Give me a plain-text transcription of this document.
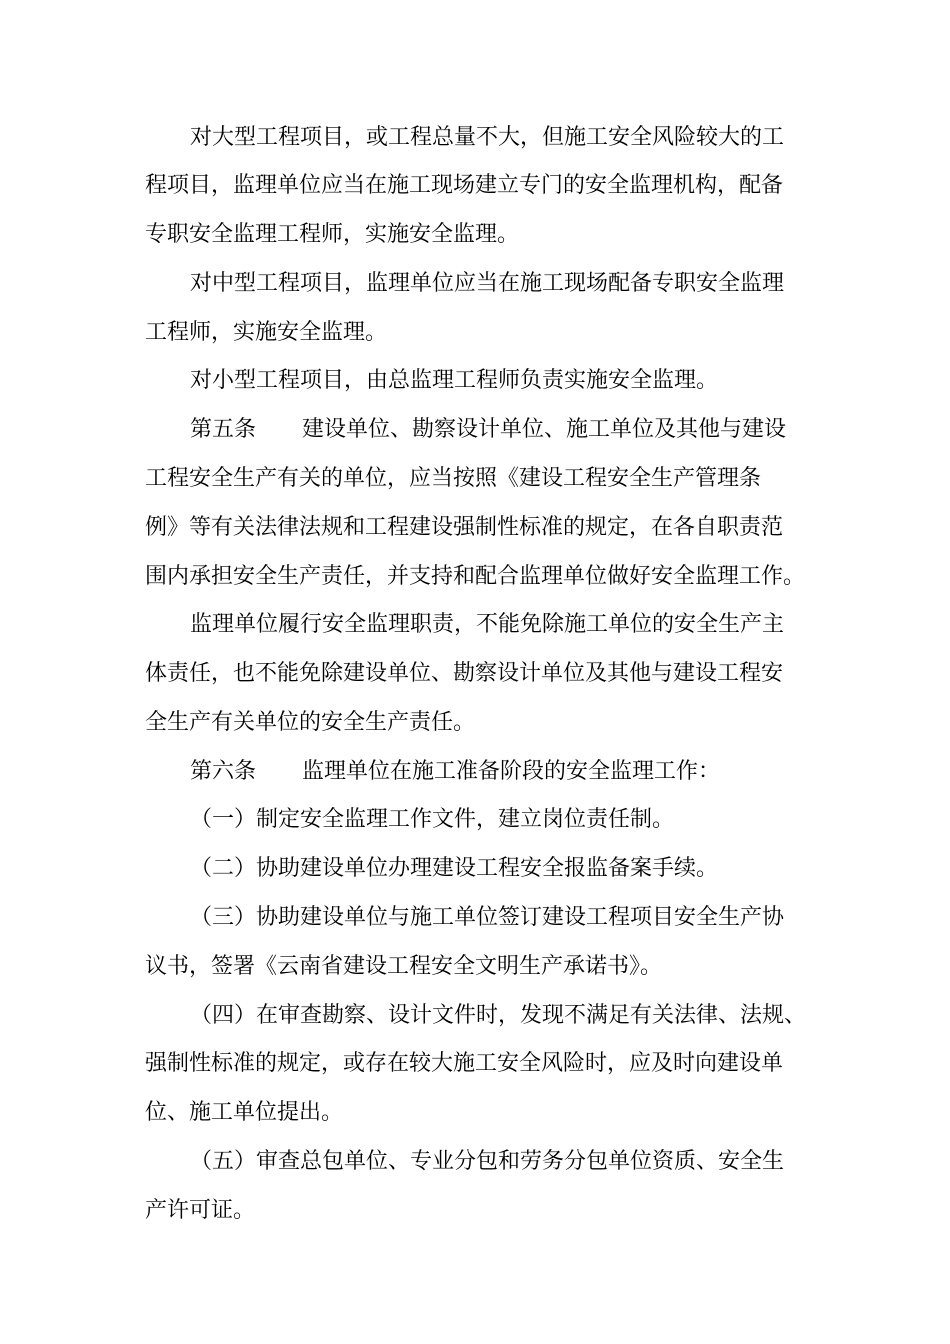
对大型工程项目，或工程总量不大，但施工安全风险较大的工
程项目，监理单位应当在施工现场建立专门的安全监理机构，配备
专职安全监理工程师，实施安全监理。
对中型工程项目，监理单位应当在施工现场配备专职安全监理
工程师，实施安全监理。
对小型工程项目，由总监理工程师负责实施安全监理。
第五条 建设单位、勘察设计单位、施工单位及其他与建设
工程安全生产有关的单位，应当按照《建设工程安全生产管理条
例》等有关法律法规和工程建设强制性标准的规定，在各自职责范
围内承担安全生产责任，并支持和配合监理单位做好安全监理工作。
监理单位履行安全监理职责，不能免除施工单位的安全生产主
体责任，也不能免除建设单位、勘察设计单位及其他与建设工程安
全生产有关单位的安全生产责任。
第六条 监理单位在施工准备阶段的安全监理工作：
（一）制定安全监理工作文件，建立岗位责任制。
（二）协助建设单位办理建设工程安全报监备案手续。
（三）协助建设单位与施工单位签订建设工程项目安全生产协
议书，签署《云南省建设工程安全文明生产承诺书》。
（四）在审查勘察、设计文件时，发现不满足有关法律、法规、
强制性标准的规定，或存在较大施工安全风险时，应及时向建设单
位、施工单位提出。
（五）审查总包单位、专业分包和劳务分包单位资质、安全生
产许可证。
